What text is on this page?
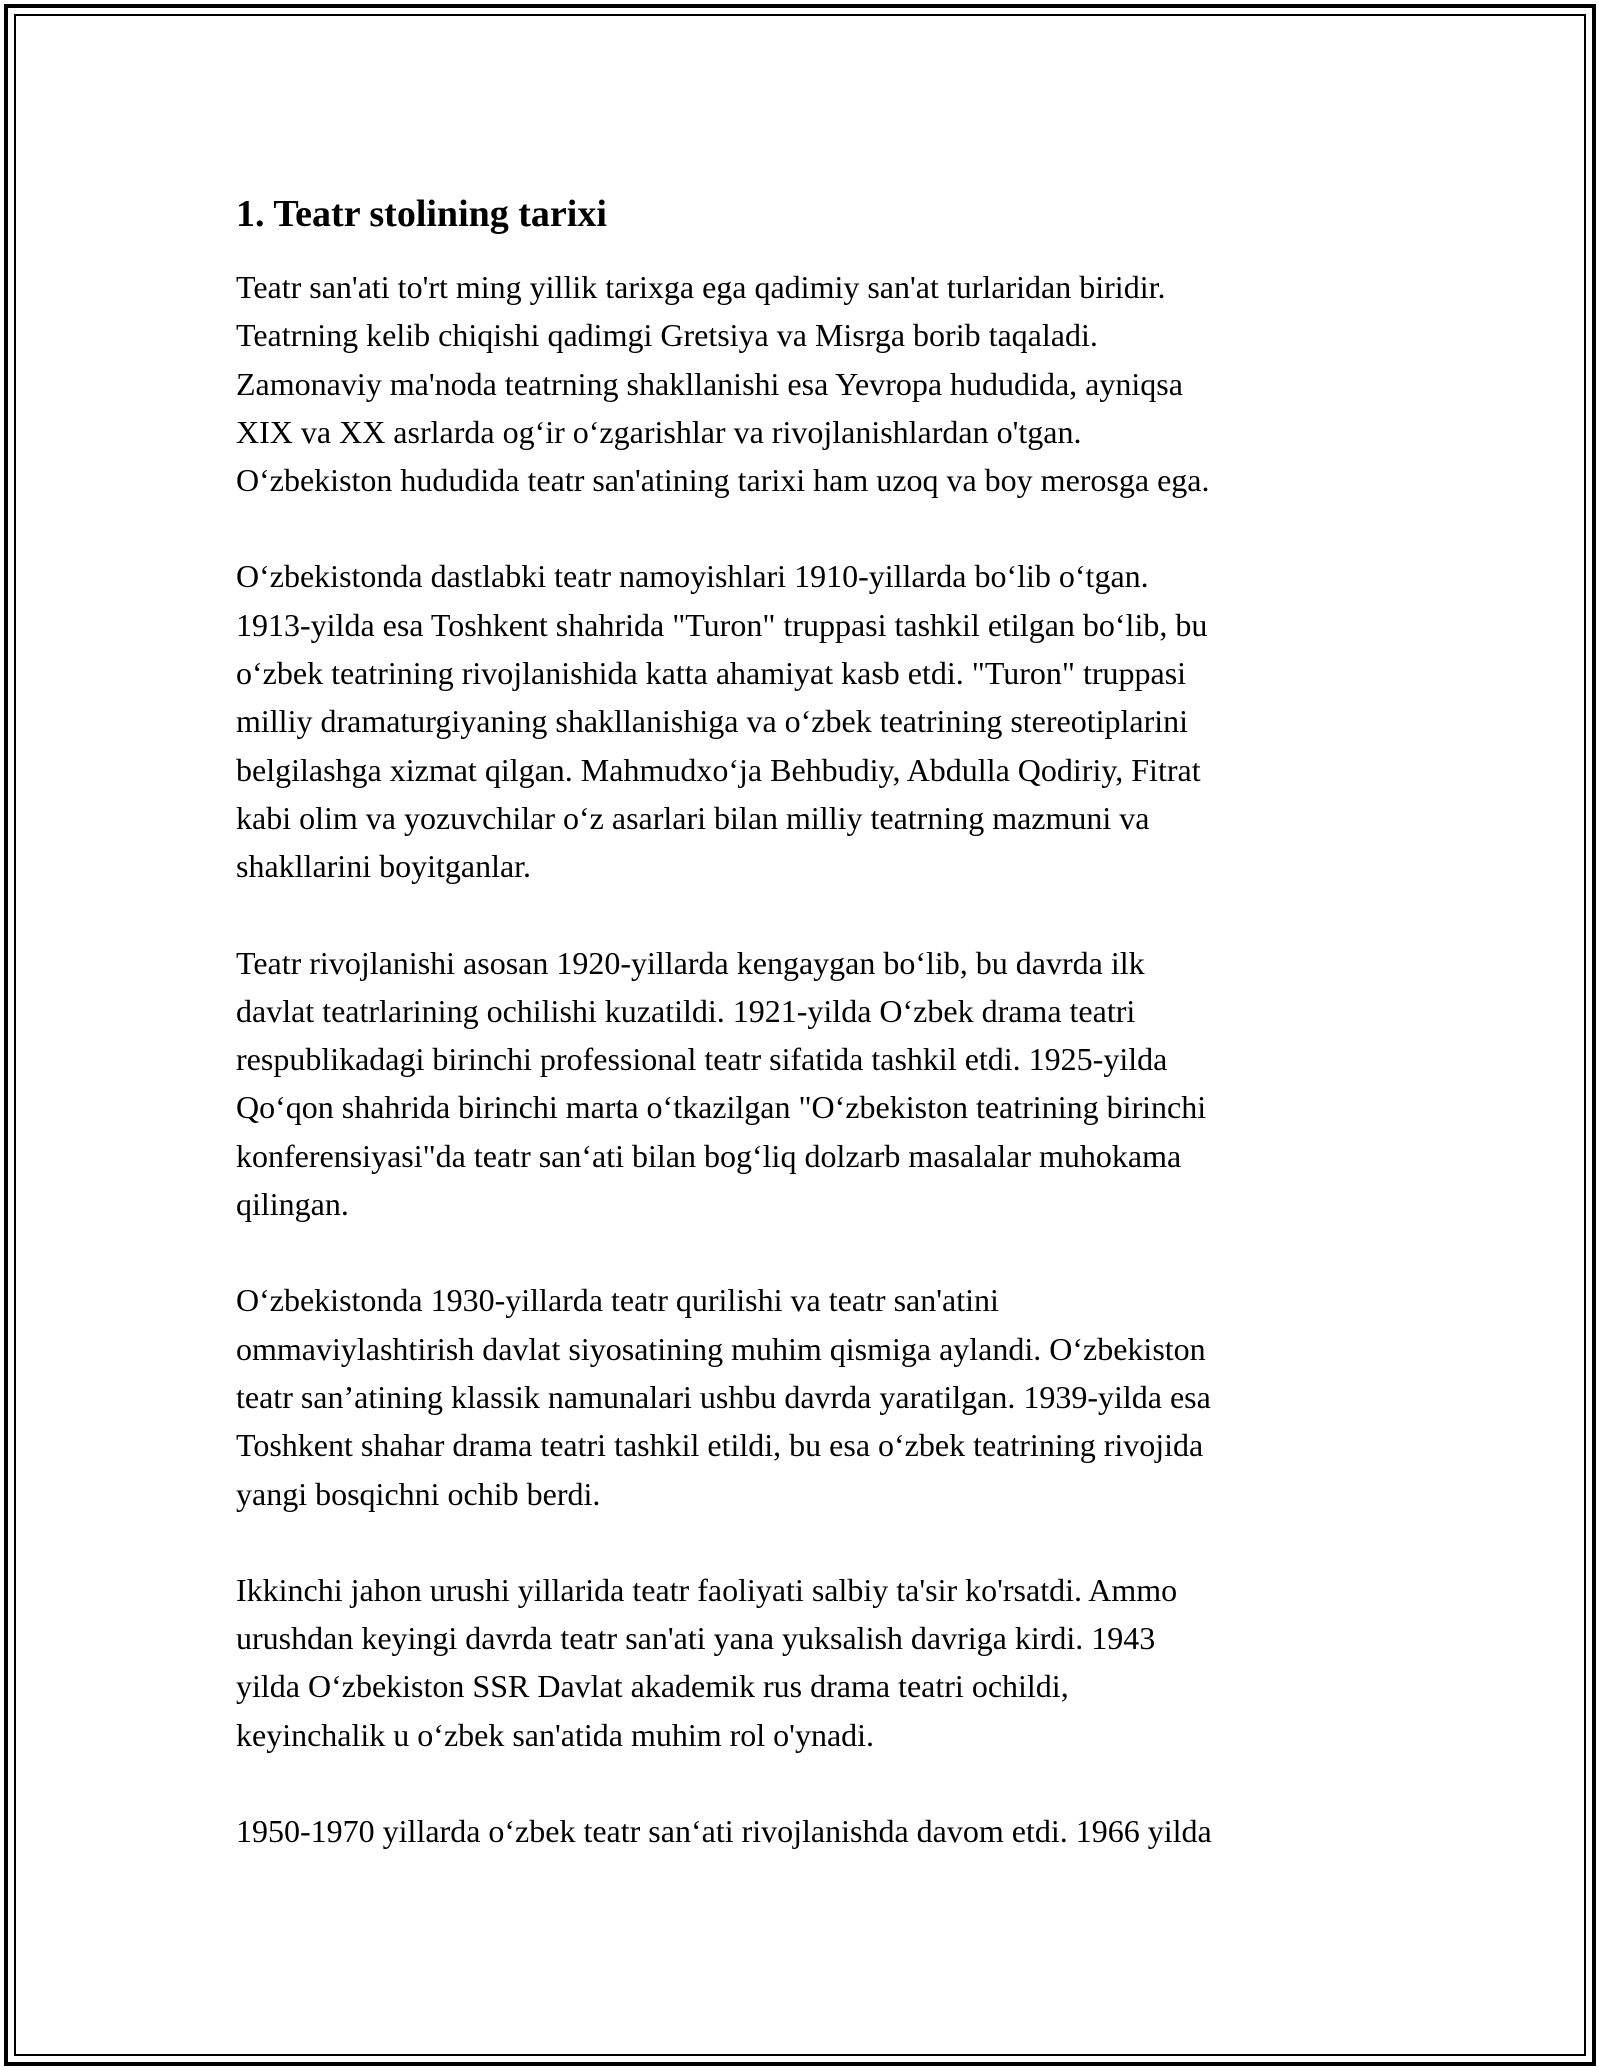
1. Teatr stolining tarixi

Teatr san'ati to'rt ming yillik tarixga ega qadimiy san'at turlaridan biridir.
Teatrning kelib chiqishi qadimgi Gretsiya va Misrga borib taqaladi.
Zamonaviy ma'noda teatrning shakllanishi esa Yevropa hududida, ayniqsa
XIX va XX asrlarda og‘ir o‘zgarishlar va rivojlanishlardan o'tgan.
O‘zbekiston hududida teatr san'atining tarixi ham uzoq va boy merosga ega.

O‘zbekistonda dastlabki teatr namoyishlari 1910-yillarda bo‘lib o‘tgan.
1913-yilda esa Toshkent shahrida "Turon" truppasi tashkil etilgan bo‘lib, bu
o‘zbek teatrining rivojlanishida katta ahamiyat kasb etdi. "Turon" truppasi
milliy dramaturgiyaning shakllanishiga va o‘zbek teatrining stereotiplarini
belgilashga xizmat qilgan. Mahmudxo‘ja Behbudiy, Abdulla Qodiriy, Fitrat
kabi olim va yozuvchilar o‘z asarlari bilan milliy teatrning mazmuni va
shakllarini boyitganlar.

Teatr rivojlanishi asosan 1920-yillarda kengaygan bo‘lib, bu davrda ilk
davlat teatrlarining ochilishi kuzatildi. 1921-yilda O‘zbek drama teatri
respublikadagi birinchi professional teatr sifatida tashkil etdi. 1925-yilda
Qo‘qon shahrida birinchi marta o‘tkazilgan "O‘zbekiston teatrining birinchi
konferensiyasi"da teatr san‘ati bilan bog‘liq dolzarb masalalar muhokama
qilingan.

O‘zbekistonda 1930-yillarda teatr qurilishi va teatr san'atini
ommaviylashtirish davlat siyosatining muhim qismiga aylandi. O‘zbekiston
teatr san’atining klassik namunalari ushbu davrda yaratilgan. 1939-yilda esa
Toshkent shahar drama teatri tashkil etildi, bu esa o‘zbek teatrining rivojida
yangi bosqichni ochib berdi.

Ikkinchi jahon urushi yillarida teatr faoliyati salbiy ta'sir ko'rsatdi. Ammo
urushdan keyingi davrda teatr san'ati yana yuksalish davriga kirdi. 1943
yilda O‘zbekiston SSR Davlat akademik rus drama teatri ochildi,
keyinchalik u o‘zbek san'atida muhim rol o'ynadi.

1950-1970 yillarda o‘zbek teatr san‘ati rivojlanishda davom etdi. 1966 yilda
